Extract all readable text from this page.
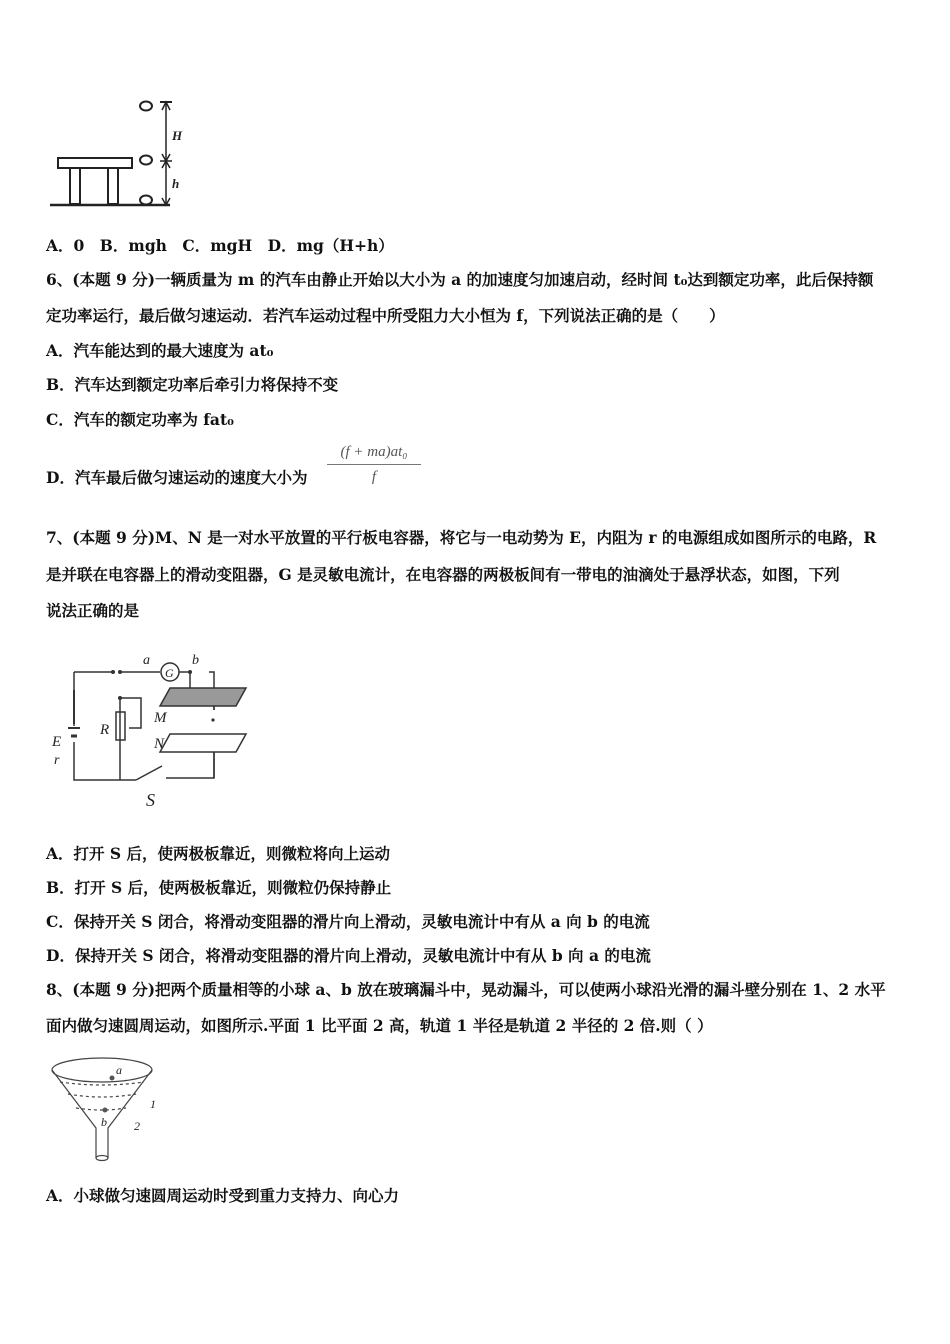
H
h
A．0　B．mgh　C．mgH　D．mg（H+h）
6、(本题 9 分)一辆质量为 m 的汽车由静止开始以大小为 a 的加速度匀加速启动，经时间 t₀达到额定功率，此后保持额
定功率运行，最后做匀速运动．若汽车运动过程中所受阻力大小恒为 f，下列说法正确的是（　　）
A．汽车能达到的最大速度为 at₀
B．汽车达到额定功率后牵引力将保持不变
C．汽车的额定功率为 fat₀
D．汽车最后做匀速运动的速度大小为 $\frac{\text{(f + ma)at₀}}{f}$
7、(本题 9 分)M、N 是一对水平放置的平行板电容器，将它与一电动势为 E，内阻为 r 的电源组成如图所示的电路，R
是并联在电容器上的滑动变阻器，G 是灵敏电流计，在电容器的两极板间有一带电的油滴处于悬浮状态，如图，下列
说法正确的是
a
G
b
M
N
R
E
r
S
A．打开 S 后，使两极板靠近，则微粒将向上运动
B．打开 S 后，使两极板靠近，则微粒仍保持静止
C．保持开关 S 闭合，将滑动变阻器的滑片向上滑动，灵敏电流计中有从 a 向 b 的电流
D．保持开关 S 闭合，将滑动变阻器的滑片向上滑动，灵敏电流计中有从 b 向 a 的电流
8、(本题 9 分)把两个质量相等的小球 a、b 放在玻璃漏斗中，晃动漏斗，可以使两小球沿光滑的漏斗壁分别在 1、2 水平
面内做匀速圆周运动，如图所示.平面 1 比平面 2 高，轨道 1 半径是轨道 2 半径的 2 倍.则（ ）
a
b
1
2
A．小球做匀速圆周运动时受到重力支持力、向心力
